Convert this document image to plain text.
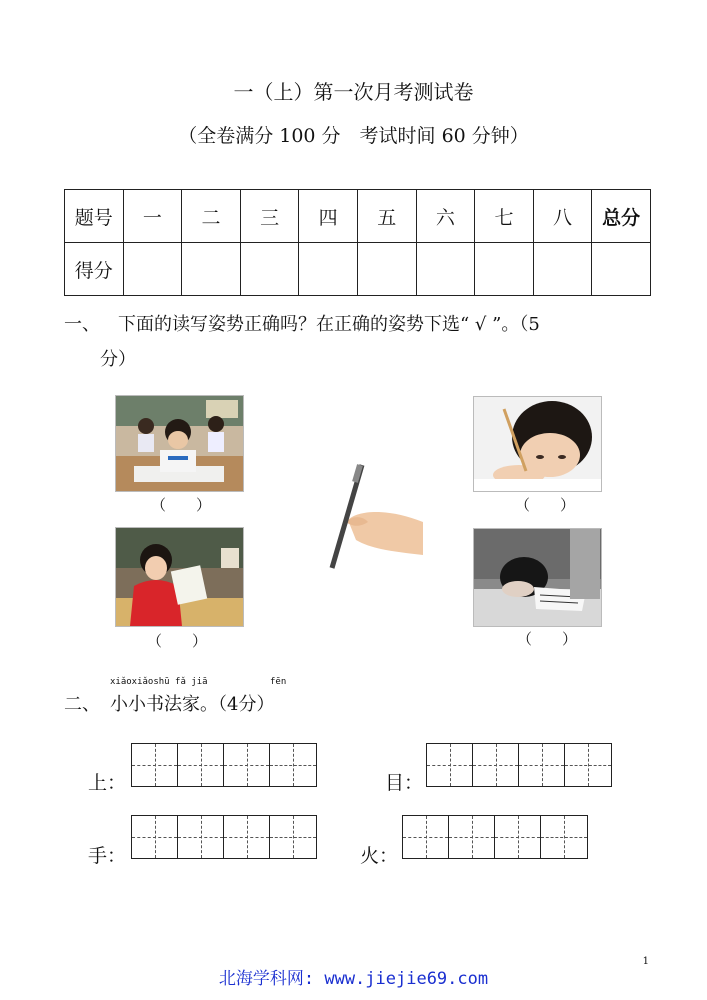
一（上）第一次月考测试卷
（全卷满分 100 分　考试时间 60 分钟）
题号	一	二	三	四	五	六	七	八	总分
得分									
一、 下面的读写姿势正确吗？在正确的姿势下选“ √ ”。（5
分）
（　　）	（　　）
（　　）	（　　）
xiǎoxiǎoshū fǎ jiā	fēn
二、 小小书法家。（4分）
上：	目：
手：	火：
1
北海学科网: www.jiejie69.com
